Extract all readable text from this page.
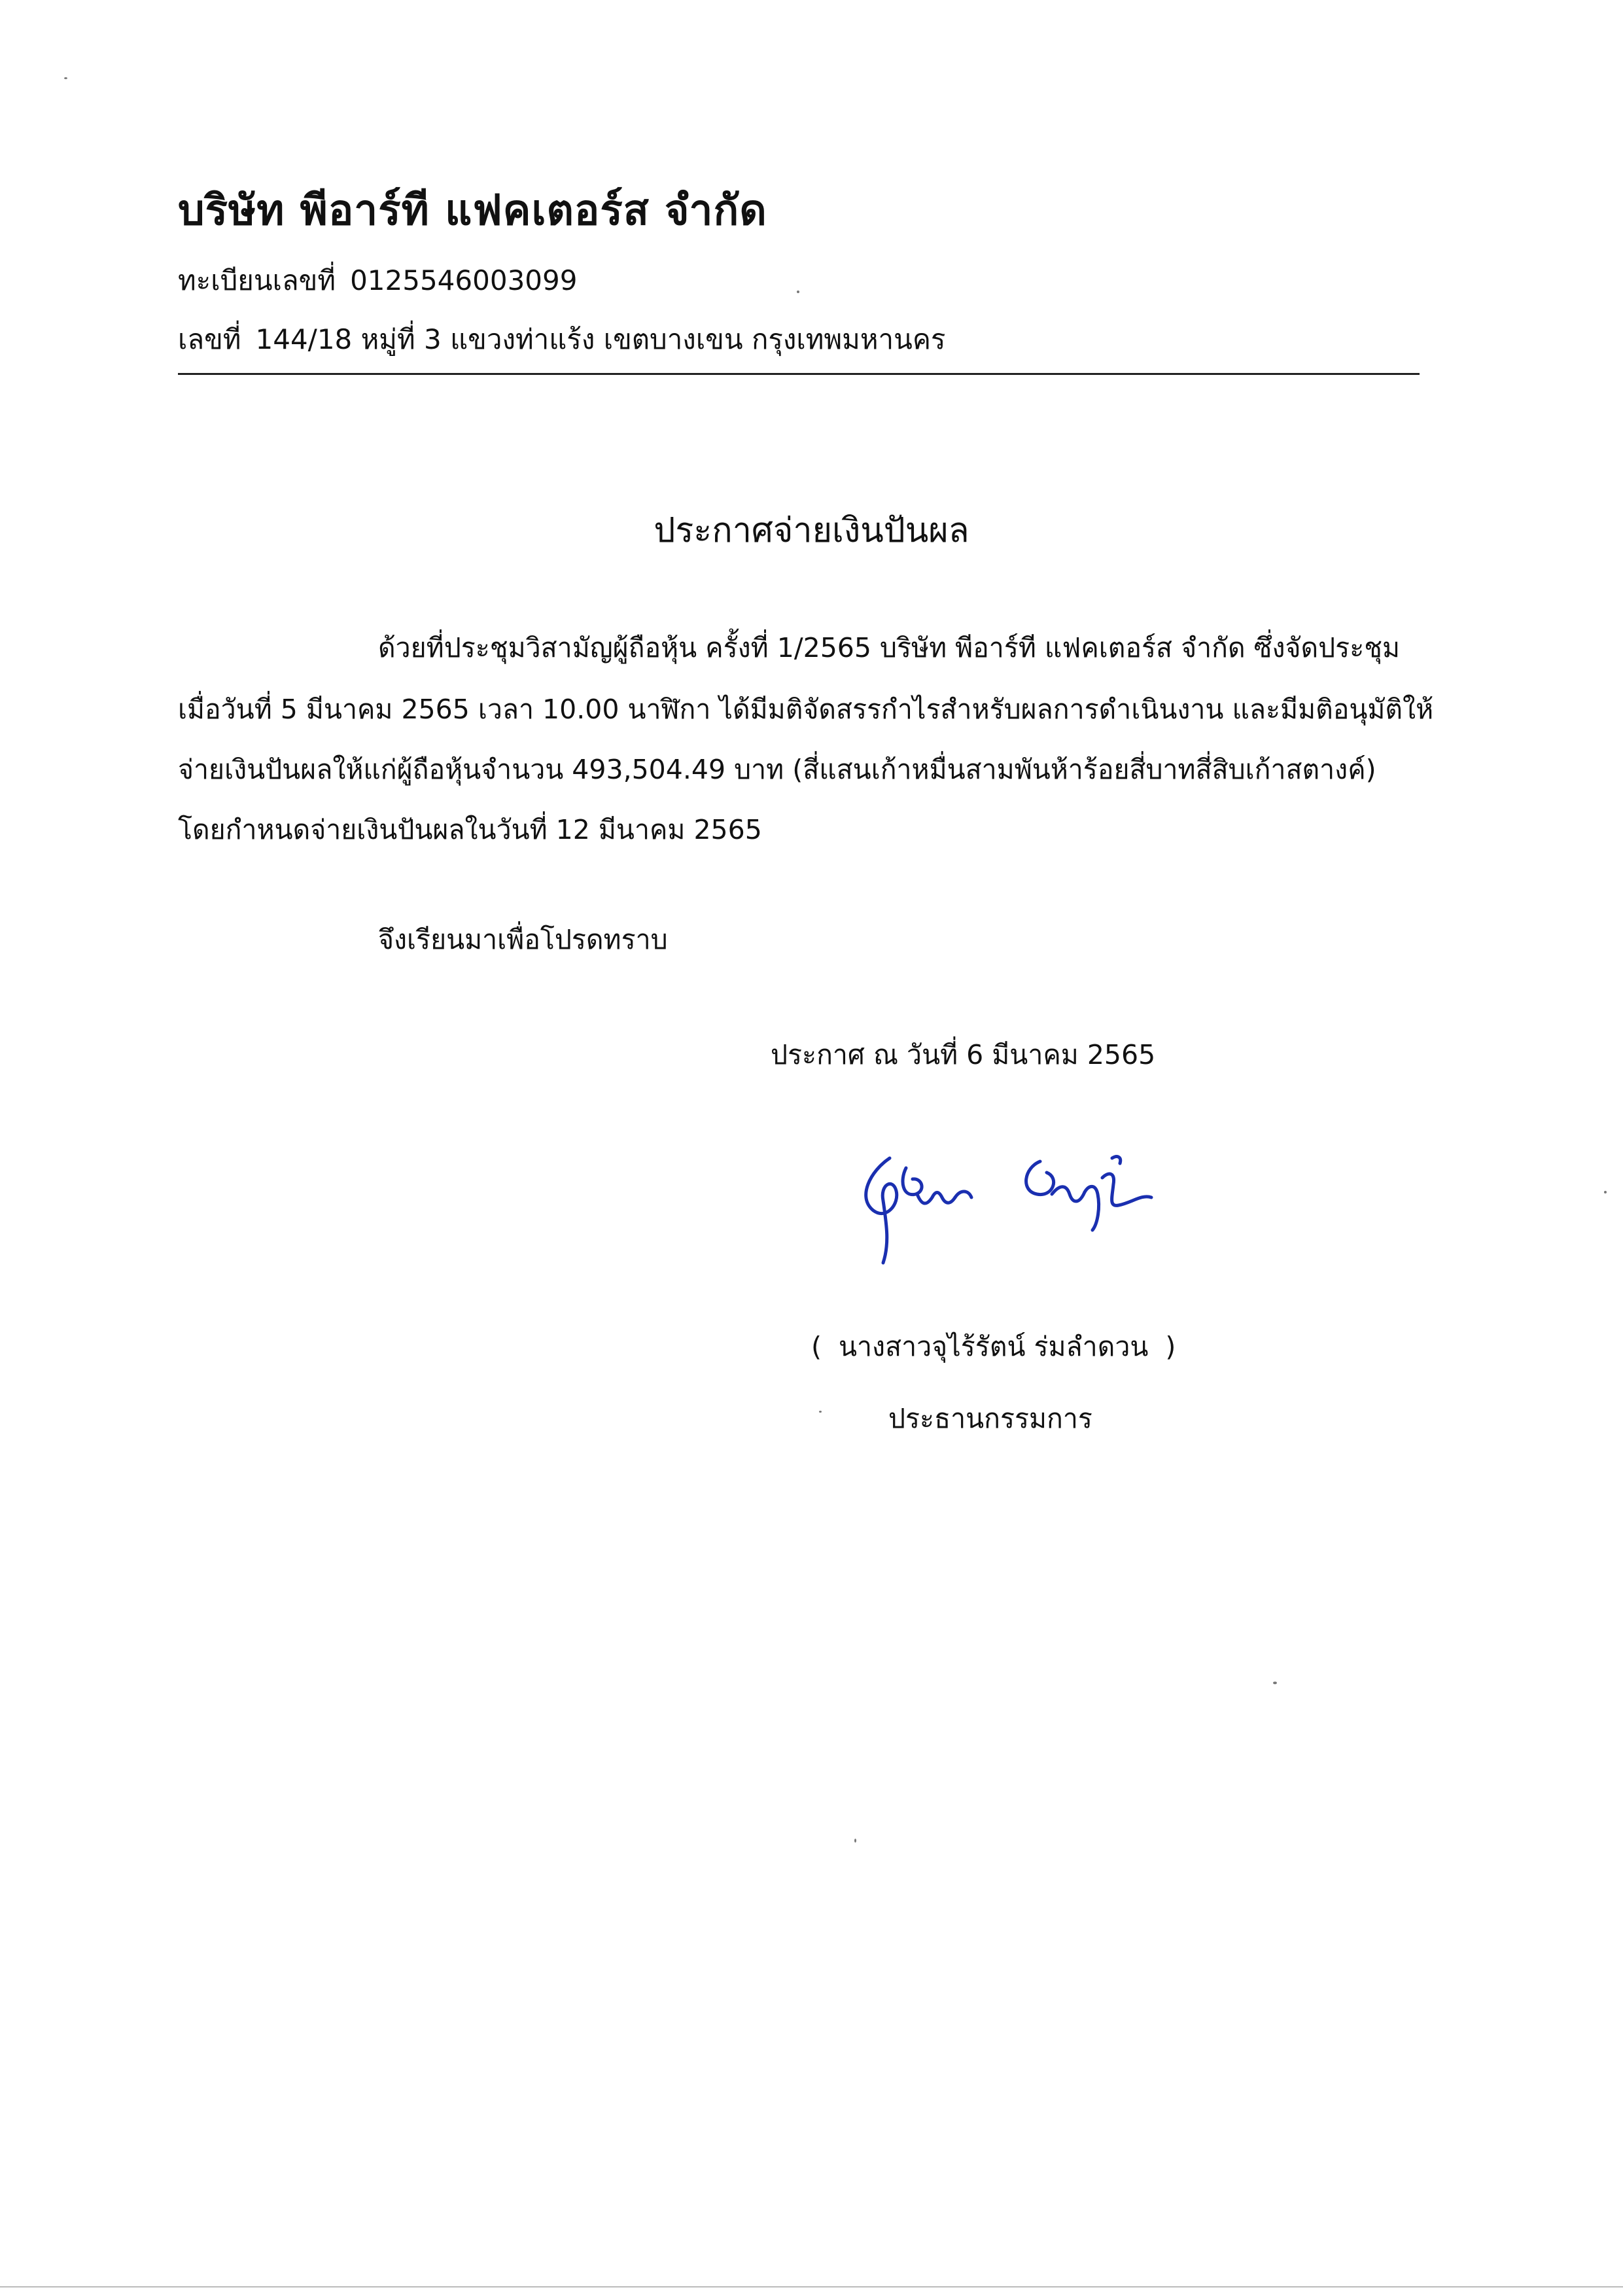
บริษัท พีอาร์ที แฟคเตอร์ส จำกัด
ทะเบียนเลขที่ 0125546003099
เลขที่ 144/18 หมู่ที่ 3 แขวงท่าแร้ง เขตบางเขน กรุงเทพมหานคร
ประกาศจ่ายเงินปันผล
ด้วยที่ประชุมวิสามัญผู้ถือหุ้น ครั้งที่ 1/2565 บริษัท พีอาร์ที แฟคเตอร์ส จำกัด ซึ่งจัดประชุม
เมื่อวันที่ 5 มีนาคม 2565 เวลา 10.00 นาฬิกา ได้มีมติจัดสรรกำไรสำหรับผลการดำเนินงาน และมีมติอนุมัติให้
จ่ายเงินปันผลให้แก่ผู้ถือหุ้นจำนวน 493,504.49 บาท (สี่แสนเก้าหมื่นสามพันห้าร้อยสี่บาทสี่สิบเก้าสตางค์)
โดยกำหนดจ่ายเงินปันผลในวันที่ 12 มีนาคม 2565
จึงเรียนมาเพื่อโปรดทราบ
ประกาศ ณ วันที่ 6 มีนาคม 2565
( นางสาวจุไร้รัตน์ ร่มลำดวน )
ประธานกรรมการ
